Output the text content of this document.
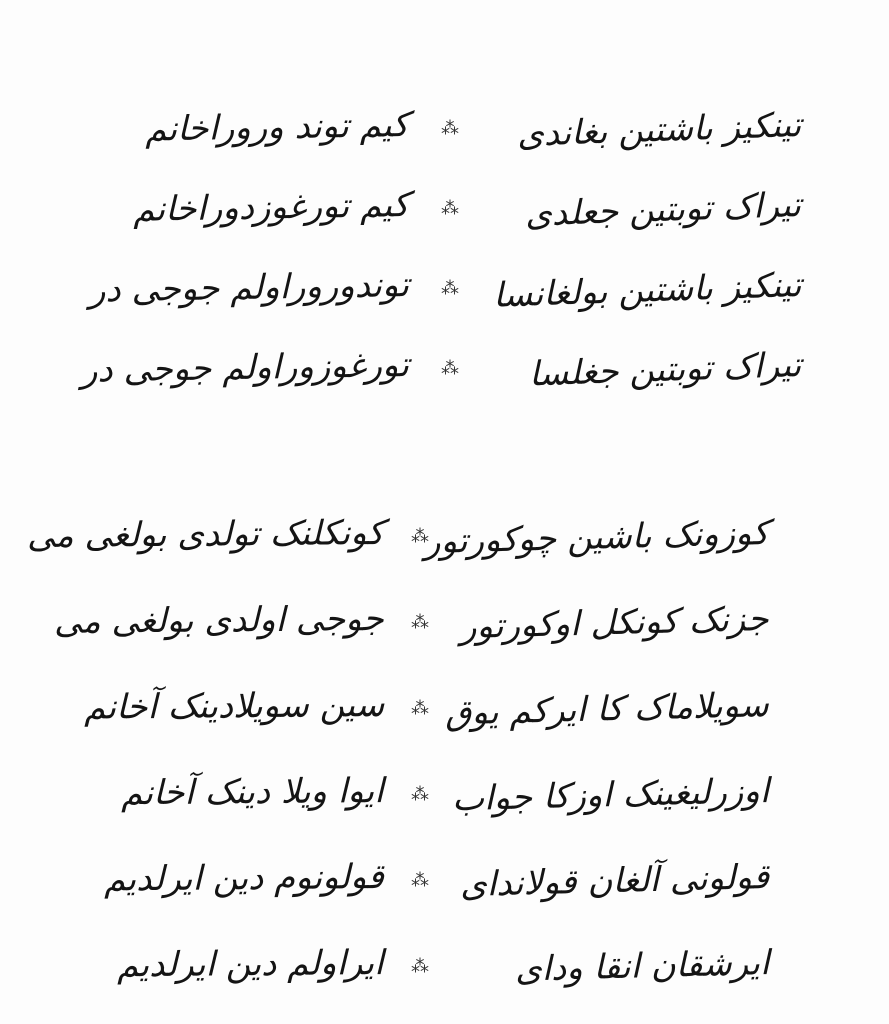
تینکیز باشتین بغاندی
⁂
کیم توند وروراخانم
تیراک توبتین جعلدی
⁂
کیم تورغوزدوراخانم
تینکیز باشتین بولغانسا
⁂
توندوروراولم جوجی در
تیراک توبتین جغلسا
⁂
تورغوزوراولم جوجی در
کوزونک باشین چوکورتور
⁂
کونکلنک تولدی بولغی می
جزنک کونکل اوکورتور
⁂
جوجی اولدی بولغی می
سویلاماک کا ایرکم یوق
⁂
سین سویلادینک آخانم
اوزرلیغینک اوزکا جواب
⁂
ایوا ویلا دینک آخانم
قولونی آلغان قولاندای
⁂
قولونوم دین ایرلدیم
ایرشقان انقا ودای
⁂
ایراولم دین ایرلدیم
